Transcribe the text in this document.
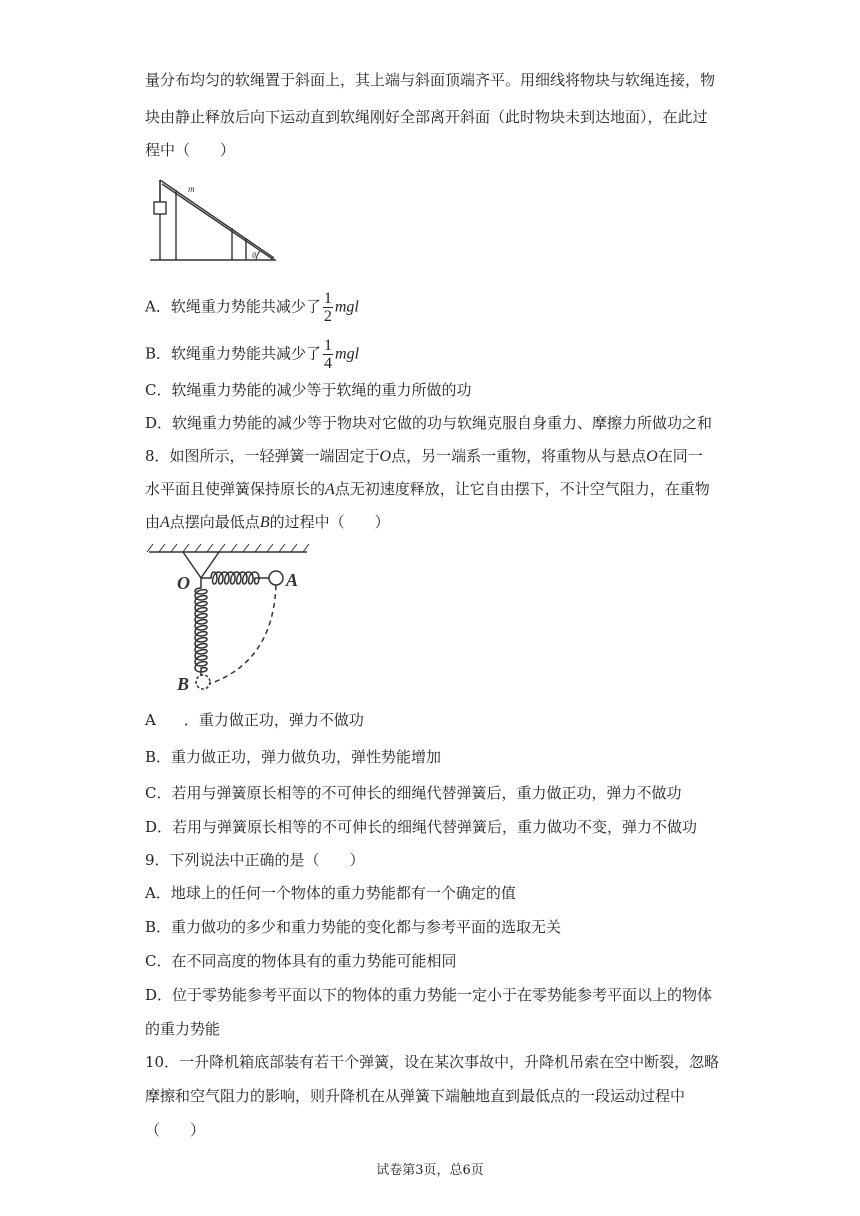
量分布均匀的软绳置于斜面上，其上端与斜面顶端齐平。用细线将物块与软绳连接，物
块由静止释放后向下运动直到软绳刚好全部离开斜面（此时物块未到达地面），在此过
程中（　　）
m
θ
A．软绳重力势能共减少了 $\frac{1}{2}$ mgl
B．软绳重力势能共减少了 $\frac{1}{4}$ mgl
C．软绳重力势能的减少等于软绳的重力所做的功
D．软绳重力势能的减少等于物块对它做的功与软绳克服自身重力、摩擦力所做功之和
8．如图所示，一轻弹簧一端固定于O点，另一端系一重物，将重物从与悬点O在同一
水平面且使弹簧保持原长的A点无初速度释放，让它自由摆下，不计空气阻力，在重物
由A点摆向最低点B的过程中（　　）
O	A
B
A ．重力做正功，弹力不做功
B．重力做正功，弹力做负功，弹性势能增加
C．若用与弹簧原长相等的不可伸长的细绳代替弹簧后，重力做正功，弹力不做功
D．若用与弹簧原长相等的不可伸长的细绳代替弹簧后，重力做功不变，弹力不做功
9．下列说法中正确的是（　　）
A．地球上的任何一个物体的重力势能都有一个确定的值
B．重力做功的多少和重力势能的变化都与参考平面的选取无关
C．在不同高度的物体具有的重力势能可能相同
D．位于零势能参考平面以下的物体的重力势能一定小于在零势能参考平面以上的物体
的重力势能
10．一升降机箱底部装有若干个弹簧，设在某次事故中，升降机吊索在空中断裂，忽略
摩擦和空气阻力的影响，则升降机在从弹簧下端触地直到最低点的一段运动过程中
（　　）
试卷第3页，总6页
